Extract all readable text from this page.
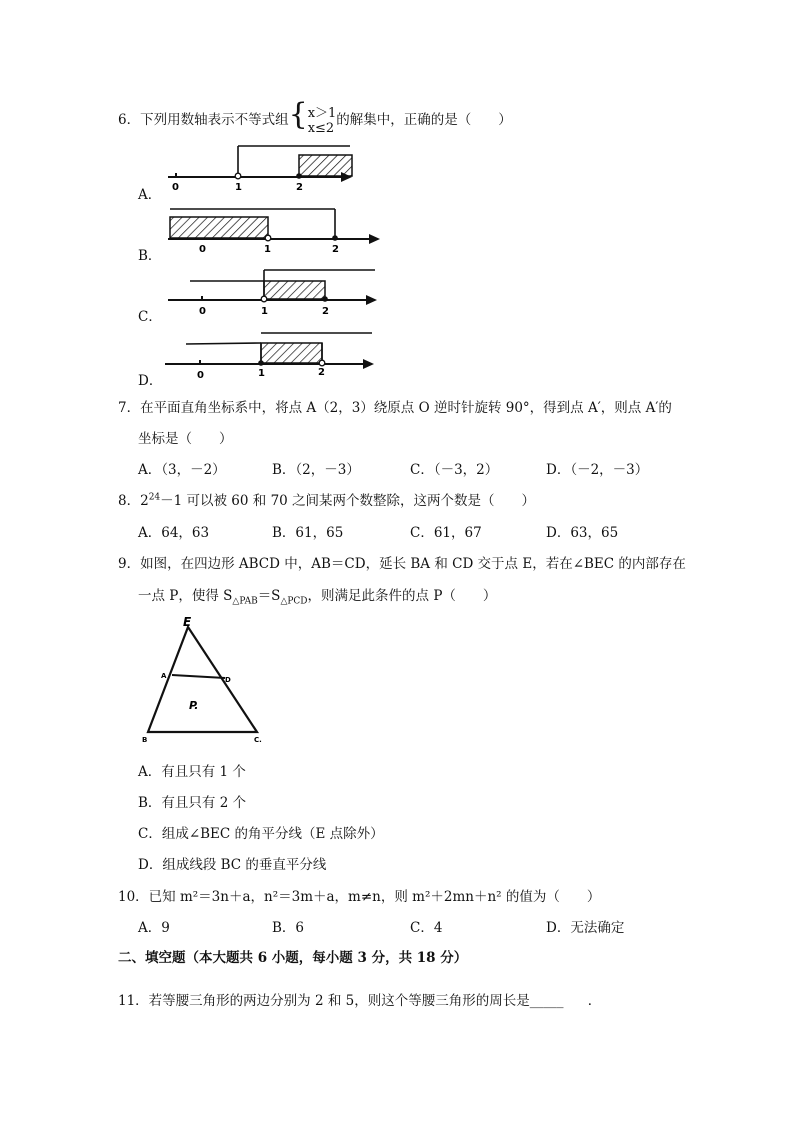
6．下列用数轴表示不等式组{ x＞1
x≤2 的解集中，正确的是（　　）
A．
B．
C．
D．
0	1	2
0	1	2
0	1	2
0	1	2
7．在平面直角坐标系中，将点 A（2，3）绕原点 O 逆时针旋转 90°，得到点 A′，则点 A′的
坐标是（　　）
A．（3，－2）	B．（2，－3）	C．（－3，2）	D．（－2，－3）
8．$2^{24}-1$ 可以被 60 和 70 之间某两个数整除，这两个数是（　　）
A．64，63	B．61，65	C．61，67	D．63，65
9．如图，在四边形 ABCD 中，AB＝CD，延长 BA 和 CD 交于点 E，若在∠BEC 的内部存在
一点 P，使得 $S_{\triangle PAB}=S_{\triangle PCD}$，则满足此条件的点 P（　　）
E
A	D
P.
B	C.
A．有且只有 1 个
B．有且只有 2 个
C．组成∠BEC 的角平分线（E 点除外）
D．组成线段 BC 的垂直平分线
10．已知 m²＝3n＋a，n²＝3m＋a，m≠n，则 m²＋2mn＋n² 的值为（　　）
A．9	B．6	C．4	D．无法确定
二、填空题（本大题共 6 小题，每小题 3 分，共 18 分）
11．若等腰三角形的两边分别为 2 和 5，则这个等腰三角形的周长是_____ ．
